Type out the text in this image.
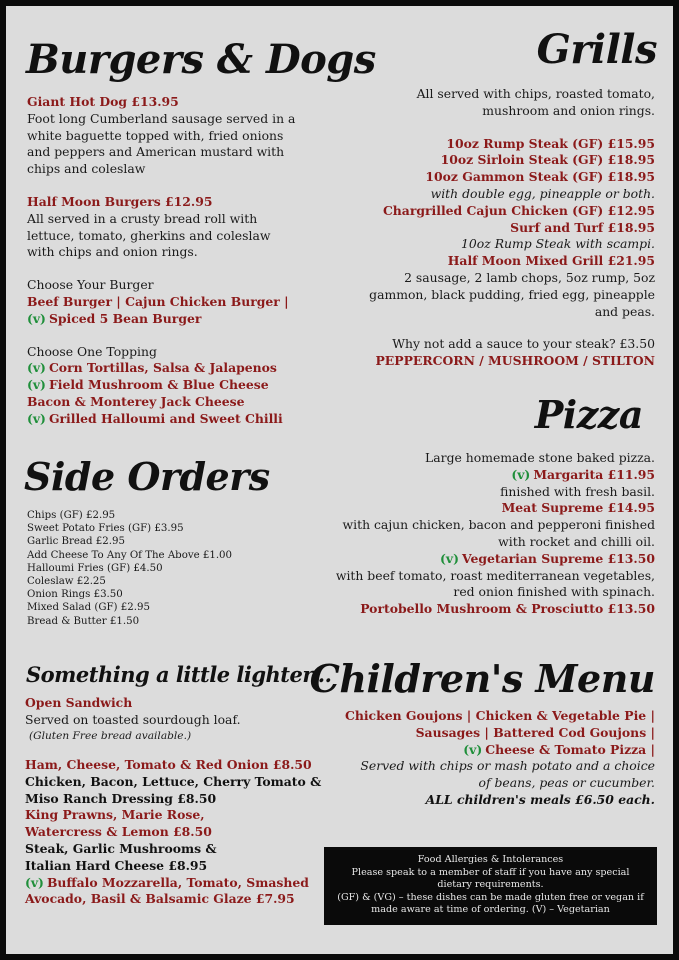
Burgers & Dogs
Giant Hot Dog £13.95
Foot long Cumberland sausage served in a
white baguette topped with, fried onions
and peppers and American mustard with
chips and coleslaw
Half Moon Burgers £12.95
All served in a crusty bread roll with
lettuce, tomato, gherkins and coleslaw
with chips and onion rings.
Choose Your Burger
Beef Burger | Cajun Chicken Burger |
(v) Spiced 5 Bean Burger
Choose One Topping
(v) Corn Tortillas, Salsa & Jalapenos
(v) Field Mushroom & Blue Cheese
Bacon & Monterey Jack Cheese
(v) Grilled Halloumi and Sweet Chilli
Side Orders
Chips (GF) £2.95
Sweet Potato Fries (GF) £3.95
Garlic Bread £2.95
Add Cheese To Any Of The Above £1.00
Halloumi Fries (GF) £4.50
Coleslaw £2.25
Onion Rings £3.50
Mixed Salad (GF) £2.95
Bread & Butter £1.50
Something a little lighter...
Open Sandwich
Served on toasted sourdough loaf.
(Gluten Free bread available.)
Ham, Cheese, Tomato & Red Onion £8.50
Chicken, Bacon, Lettuce, Cherry Tomato &
Miso Ranch Dressing £8.50
King Prawns, Marie Rose,
Watercress & Lemon £8.50
Steak, Garlic Mushrooms &
Italian Hard Cheese £8.95
(v) Buffalo Mozzarella, Tomato, Smashed
Avocado, Basil & Balsamic Glaze £7.95
Grills
All served with chips, roasted tomato,
mushroom and onion rings.
10oz Rump Steak (GF) £15.95
10oz Sirloin Steak (GF) £18.95
10oz Gammon Steak (GF) £18.95
with double egg, pineapple or both.
Chargrilled Cajun Chicken (GF) £12.95
Surf and Turf £18.95
10oz Rump Steak with scampi.
Half Moon Mixed Grill £21.95
2 sausage, 2 lamb chops, 5oz rump, 5oz
gammon, black pudding, fried egg, pineapple
and peas.
Why not add a sauce to your steak? £3.50
PEPPERCORN / MUSHROOM / STILTON
Pizza
Large homemade stone baked pizza.
(v) Margarita £11.95
finished with fresh basil.
Meat Supreme £14.95
with cajun chicken, bacon and pepperoni finished
with rocket and chilli oil.
(v) Vegetarian Supreme £13.50
with beef tomato, roast mediterranean vegetables,
red onion finished with spinach.
Portobello Mushroom & Prosciutto £13.50
Children's Menu
Chicken Goujons | Chicken & Vegetable Pie |
Sausages | Battered Cod Goujons |
(v) Cheese & Tomato Pizza |
Served with chips or mash potato and a choice
of beans, peas or cucumber.
ALL children's meals £6.50 each.
Food Allergies & Intolerances
Please speak to a member of staff if you have any special
dietary requirements.
(GF) & (VG) – these dishes can be made gluten free or vegan if
made aware at time of ordering. (V) – Vegetarian
